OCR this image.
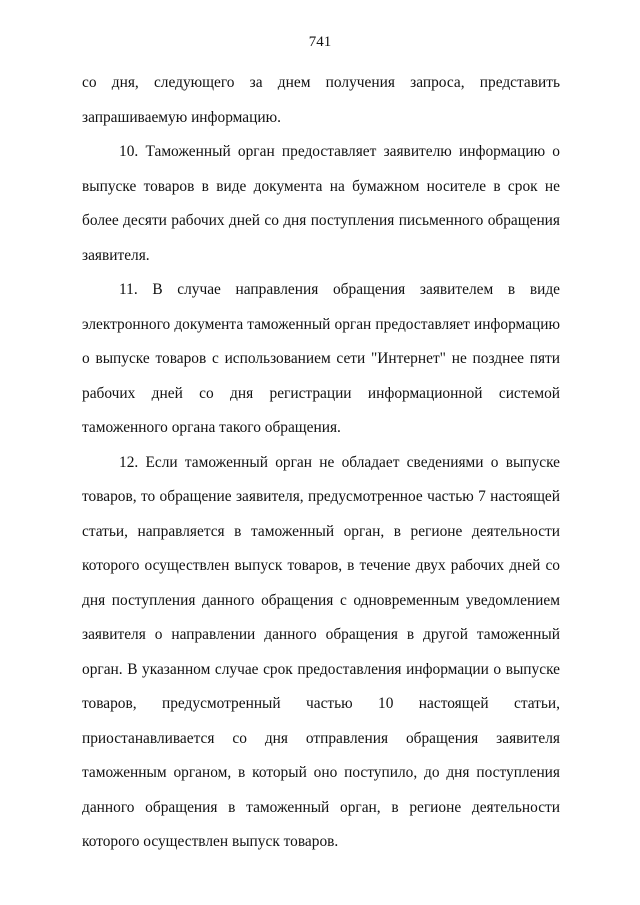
741

со дня, следующего за днем получения запроса, представить запрашиваемую информацию.

10. Таможенный орган предоставляет заявителю информацию о выпуске товаров в виде документа на бумажном носителе в срок не более десяти рабочих дней со дня поступления письменного обращения заявителя.

11. В случае направления обращения заявителем в виде электронного документа таможенный орган предоставляет информацию о выпуске товаров с использованием сети "Интернет" не позднее пяти рабочих дней со дня регистрации информационной системой таможенного органа такого обращения.

12. Если таможенный орган не обладает сведениями о выпуске товаров, то обращение заявителя, предусмотренное частью 7 настоящей статьи, направляется в таможенный орган, в регионе деятельности которого осуществлен выпуск товаров, в течение двух рабочих дней со дня поступления данного обращения с одновременным уведомлением заявителя о направлении данного обращения в другой таможенный орган. В указанном случае срок предоставления информации о выпуске товаров, предусмотренный частью 10 настоящей статьи, приостанавливается со дня отправления обращения заявителя таможенным органом, в который оно поступило, до дня поступления данного обращения в таможенный орган, в регионе деятельности которого осуществлен выпуск товаров.
